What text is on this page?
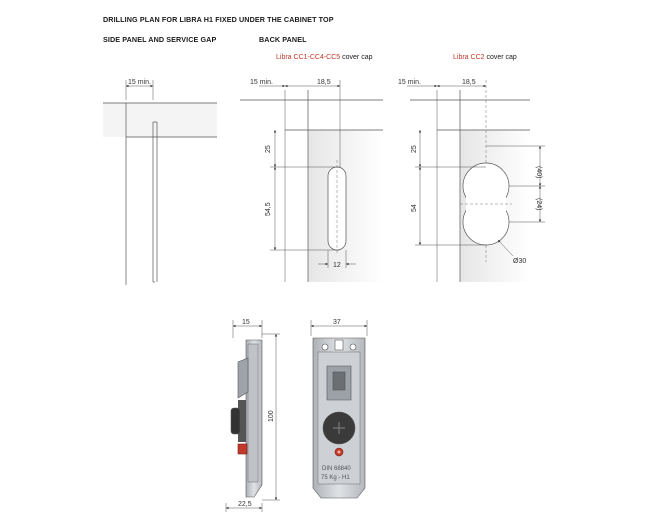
DRILLING PLAN FOR LIBRA H1 FIXED UNDER THE CABINET TOP
SIDE PANEL AND SERVICE GAP	BACK PANEL
Libra CC1-CC4-CC5 cover cap	Libra CC2 cover cap
15 min.	15 min.	18,5
25
54,5
12
15 min.	18,5
25
54
(40)
(24)
Ø30
15
100
22,5
37
DIN 68840
75 Kg - H1
